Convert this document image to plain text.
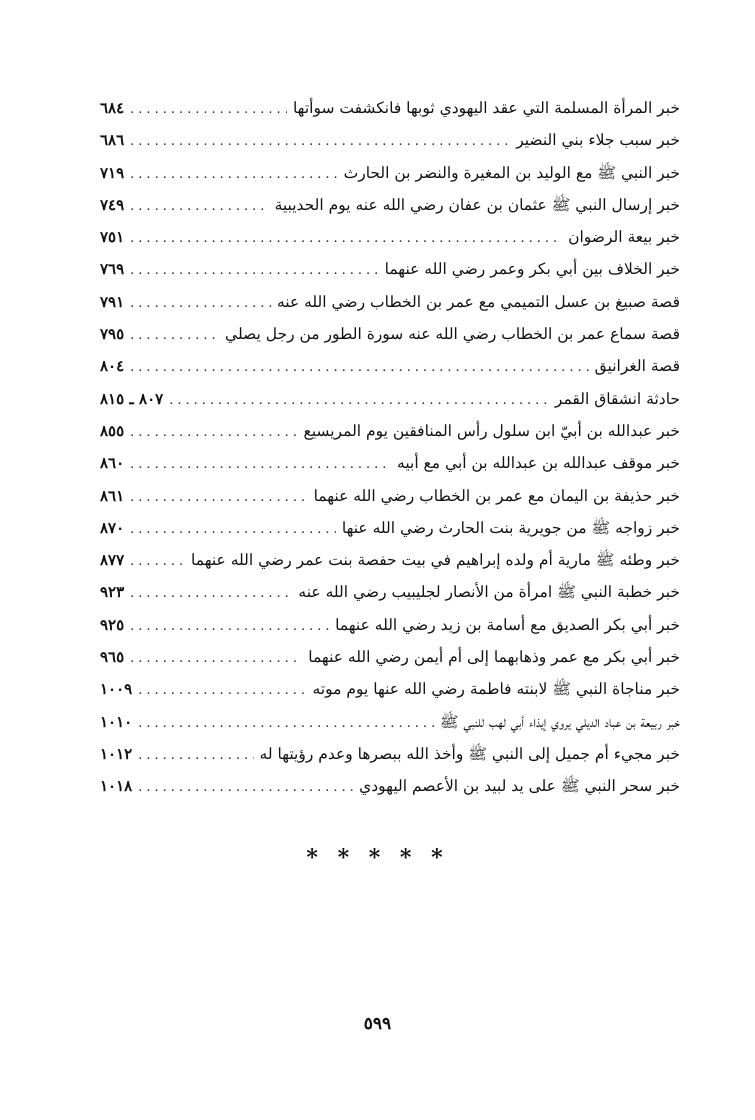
خبر المرأة المسلمة التي عقد اليهودي ثوبها فانكشفت سوأتها
.....
٦٨٤
خبر سبب جلاء بني النضير
.....
٦٨٦
خبر النبي ﷺ مع الوليد بن المغيرة والنضر بن الحارث
.....
٧١٩
خبر إرسال النبي ﷺ عثمان بن عفان رضي الله عنه يوم الحديبية
.....
٧٤٩
خبر بيعة الرضوان
.....
٧٥١
خبر الخلاف بين أبي بكر وعمر رضي الله عنهما
.....
٧٦٩
قصة صبيغ بن عسل التميمي مع عمر بن الخطاب رضي الله عنه
.....
٧٩١
قصة سماع عمر بن الخطاب رضي الله عنه سورة الطور من رجل يصلي
.....
٧٩٥
قصة الغرانيق
.....
٨٠٤
حادثة انشقاق القمر
.....
٨٠٧ ـ ٨١٥
خبر عبدالله بن أبيّ ابن سلول رأس المنافقين يوم المريسيع
.....
٨٥٥
خبر موقف عبدالله بن عبدالله بن أبي مع أبيه
.....
٨٦٠
خبر حذيفة بن اليمان مع عمر بن الخطاب رضي الله عنهما
.....
٨٦١
خبر زواجه ﷺ من جويرية بنت الحارث رضي الله عنها
.....
٨٧٠
خبر وطئه ﷺ مارية أم ولده إبراهيم في بيت حفصة بنت عمر رضي الله عنهما
.....
٨٧٧
خبر خطبة النبي ﷺ امرأة من الأنصار لجليبيب رضي الله عنه
.....
٩٢٣
خبر أبي بكر الصديق مع أسامة بن زيد رضي الله عنهما
.....
٩٢٥
خبر أبي بكر مع عمر وذهابهما إلى أم أيمن رضي الله عنهما
.....
٩٦٥
خبر مناجاة النبي ﷺ لابنته فاطمة رضي الله عنها يوم موته
.....
١٠٠٩
خبر ربيعة بن عباد الديلي يروي إيذاء أبي لهب للنبي ﷺ
.....
١٠١٠
خبر مجيء أم جميل إلى النبي ﷺ وأخذ الله ببصرها وعدم رؤيتها له
.....
١٠١٢
خبر سحر النبي ﷺ على يد لبيد بن الأعصم اليهودي
.....
١٠١٨
* * * * *
٥٩٩
